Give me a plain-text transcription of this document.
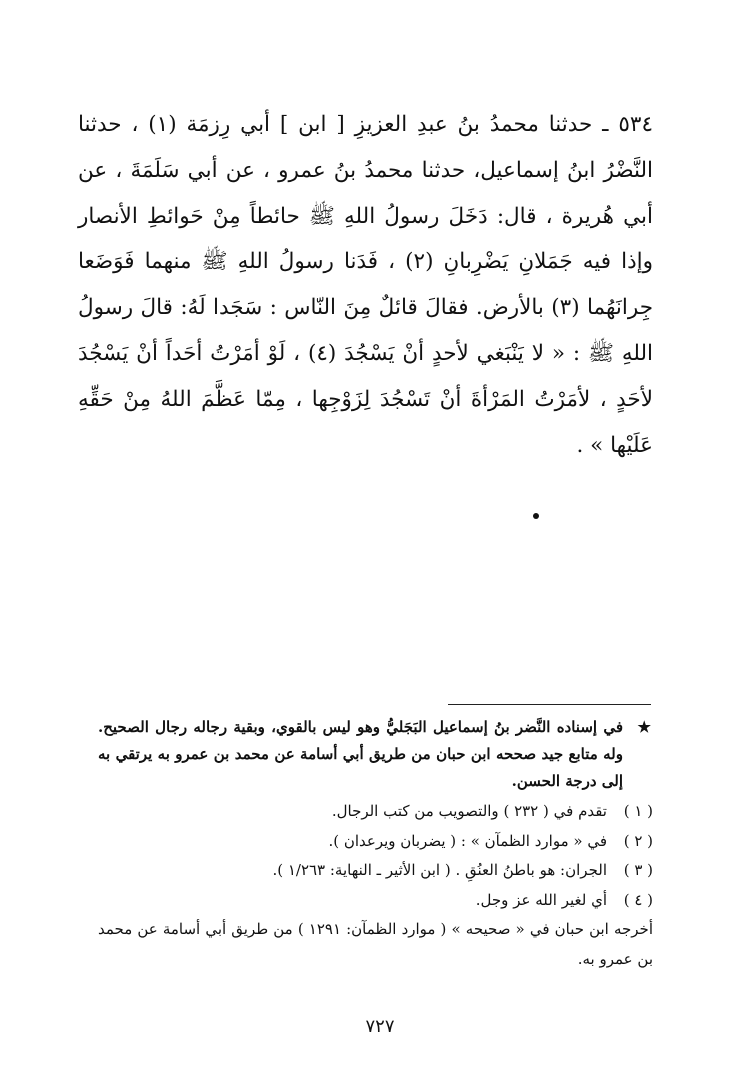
٥٣٤ ـ حدثنا محمدُ بنُ عبدِ العزيزِ [ ابن ] أبي رِزمَة (١) ، حدثنا النَّضْرُ ابنُ إسماعيل، حدثنا محمدُ بنُ عمرو ، عن أبي سَلَمَةَ ، عن أبي هُريرة ، قال: دَخَلَ رسولُ اللهِ ﷺ حائطاً مِنْ حَوائطِ الأنصار وإذا فيه جَمَلانِ يَضْرِبانِ (٢) ، فَدَنا رسولُ اللهِ ﷺ منهما فَوَضَعا جِرانَهُما (٣) بالأرض. فقالَ قائلٌ مِنَ النّاس : سَجَدا لَهُ: قالَ رسولُ اللهِ ﷺ : « لا يَنْبَغي لأحدٍ أنْ يَسْجُدَ (٤) ، لَوْ أمَرْتُ أحَداً أنْ يَسْجُدَ لأحَدٍ ، لأمَرْتُ المَرْأةَ أنْ تَسْجُدَ لِزَوْجِها ، مِمّا عَظَّمَ اللهُ مِنْ حَقِّهِ عَلَيْها » .

★
في إسناده النَّضر بنُ إسماعيل البَجَليُّ وهو ليس بالقوي، وبقية رجاله رجال الصحيح. وله متابع جيد صححه ابن حبان من طريق أبي أسامة عن محمد بن عمرو به يرتقي به إلى درجة الحسن.
( ١ )
تقدم في ( ٢٣٢ ) والتصويب من كتب الرجال.
( ٢ )
في « موارد الظمآن » : ( يضربان ويرعدان ).
( ٣ )
الجران: هو باطنُ العنُقِ . ( ابن الأثير ـ النهاية: ١/٢٦٣ ).
( ٤ )
أي لغير الله عز وجل.
أخرجه ابن حبان في « صحيحه » ( موارد الظمآن: ١٢٩١ ) من طريق أبي أسامة عن محمد بن عمرو به.
٧٢٧
